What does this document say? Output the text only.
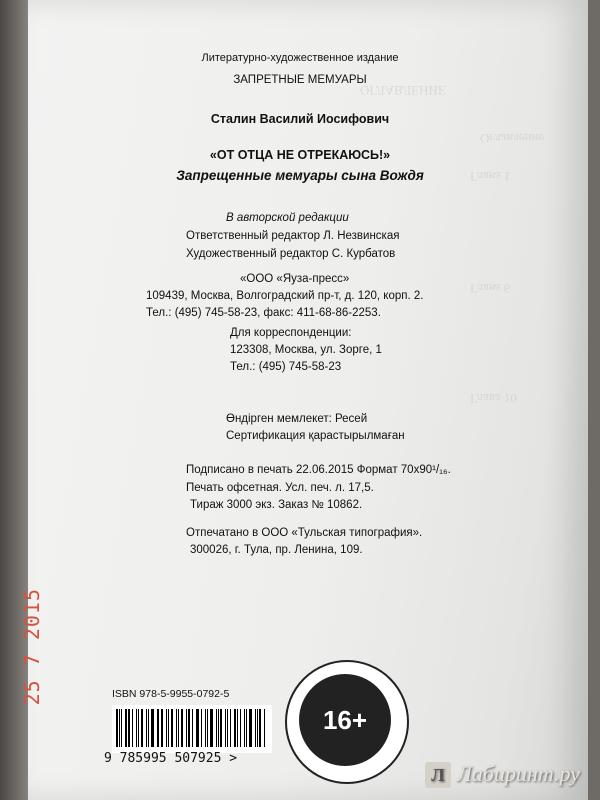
ОГЛАВЛЕНИЕ
Оглавление
Глава 1
Глава 6
Глава 10
Литературно-художественное издание
ЗАПРЕТНЫЕ МЕМУАРЫ
Сталин Василий Иосифович
«ОТ ОТЦА НЕ ОТРЕКАЮСЬ!»
Запрещенные мемуары сына Вождя
В авторской редакции
Ответственный редактор Л. Незвинская
Художественный редактор С. Курбатов
«ООО «Яуза-пресс»
109439, Москва, Волгоградский пр-т, д. 120, корп. 2.
Тел.: (495) 745-58-23, факс: 411-68-86-2253.
Для корреспонденции:
123308, Москва, ул. Зорге, 1
Тел.: (495) 745-58-23
Өндірген мемлекет: Ресей
Сертификация қарастырылмаған
Подписано в печать 22.06.2015 Формат 70x90¹/₁₆.
Печать офсетная. Усл. печ. л. 17,5.
Тираж 3000 экз. Заказ № 10862.
Отпечатано в ООО «Тульская типография».
300026, г. Тула, пр. Ленина, 109.
25 7 2015	ISBN 978-5-9955-0792-5
9 785995 507925 >
16+
Л Лабиринт.ру
